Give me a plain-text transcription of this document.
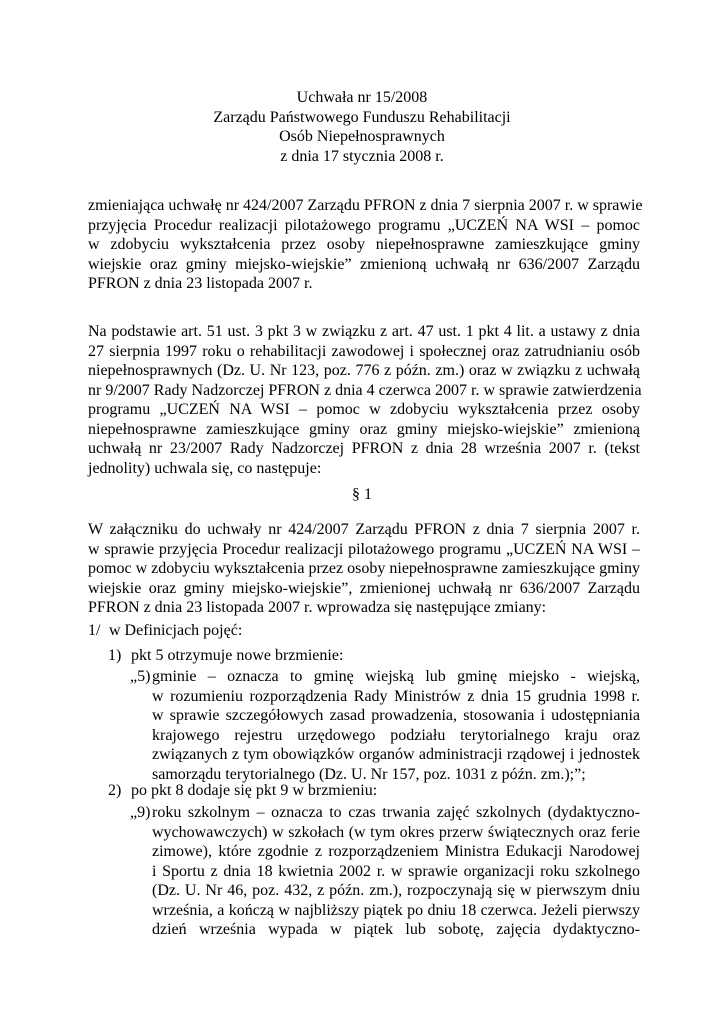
Uchwała nr 15/2008
Zarządu Państwowego Funduszu Rehabilitacji
Osób Niepełnosprawnych
z dnia 17 stycznia 2008 r.
zmieniająca uchwałę nr 424/2007 Zarządu PFRON z dnia 7 sierpnia 2007 r. w sprawie
przyjęcia Procedur realizacji pilotażowego programu „UCZEŃ NA WSI – pomoc
w zdobyciu wykształcenia przez osoby niepełnosprawne zamieszkujące gminy
wiejskie oraz gminy miejsko-wiejskie” zmienioną uchwałą nr 636/2007 Zarządu
PFRON z dnia 23 listopada 2007 r.
Na podstawie art. 51 ust. 3 pkt 3 w związku z art. 47 ust. 1 pkt 4 lit. a ustawy z dnia
27 sierpnia 1997 roku o rehabilitacji zawodowej i społecznej oraz zatrudnianiu osób
niepełnosprawnych (Dz. U. Nr 123, poz. 776 z późn. zm.) oraz w związku z uchwałą
nr 9/2007 Rady Nadzorczej PFRON z dnia 4 czerwca 2007 r. w sprawie zatwierdzenia
programu „UCZEŃ NA WSI – pomoc w zdobyciu wykształcenia przez osoby
niepełnosprawne zamieszkujące gminy oraz gminy miejsko-wiejskie” zmienioną
uchwałą nr 23/2007 Rady Nadzorczej PFRON z dnia 28 września 2007 r. (tekst
jednolity) uchwala się, co następuje:
§ 1
W załączniku do uchwały nr 424/2007 Zarządu PFRON z dnia 7 sierpnia 2007 r.
w sprawie przyjęcia Procedur realizacji pilotażowego programu „UCZEŃ NA WSI –
pomoc w zdobyciu wykształcenia przez osoby niepełnosprawne zamieszkujące gminy
wiejskie oraz gminy miejsko-wiejskie”, zmienionej uchwałą nr 636/2007 Zarządu
PFRON z dnia 23 listopada 2007 r. wprowadza się następujące zmiany:
1/ w Definicjach pojęć:
1) pkt 5 otrzymuje nowe brzmienie:
„5) gminie – oznacza to gminę wiejską lub gminę miejsko - wiejską,
w rozumieniu rozporządzenia Rady Ministrów z dnia 15 grudnia 1998 r.
w sprawie szczegółowych zasad prowadzenia, stosowania i udostępniania
krajowego rejestru urzędowego podziału terytorialnego kraju oraz
związanych z tym obowiązków organów administracji rządowej i jednostek
samorządu terytorialnego (Dz. U. Nr 157, poz. 1031 z późn. zm.);”;
2) po pkt 8 dodaje się pkt 9 w brzmieniu:
„9) roku szkolnym – oznacza to czas trwania zajęć szkolnych (dydaktyczno-
wychowawczych) w szkołach (w tym okres przerw świątecznych oraz ferie
zimowe), które zgodnie z rozporządzeniem Ministra Edukacji Narodowej
i Sportu z dnia 18 kwietnia 2002 r. w sprawie organizacji roku szkolnego
(Dz. U. Nr 46, poz. 432, z późn. zm.), rozpoczynają się w pierwszym dniu
września, a kończą w najbliższy piątek po dniu 18 czerwca. Jeżeli pierwszy
dzień września wypada w piątek lub sobotę, zajęcia dydaktyczno-
